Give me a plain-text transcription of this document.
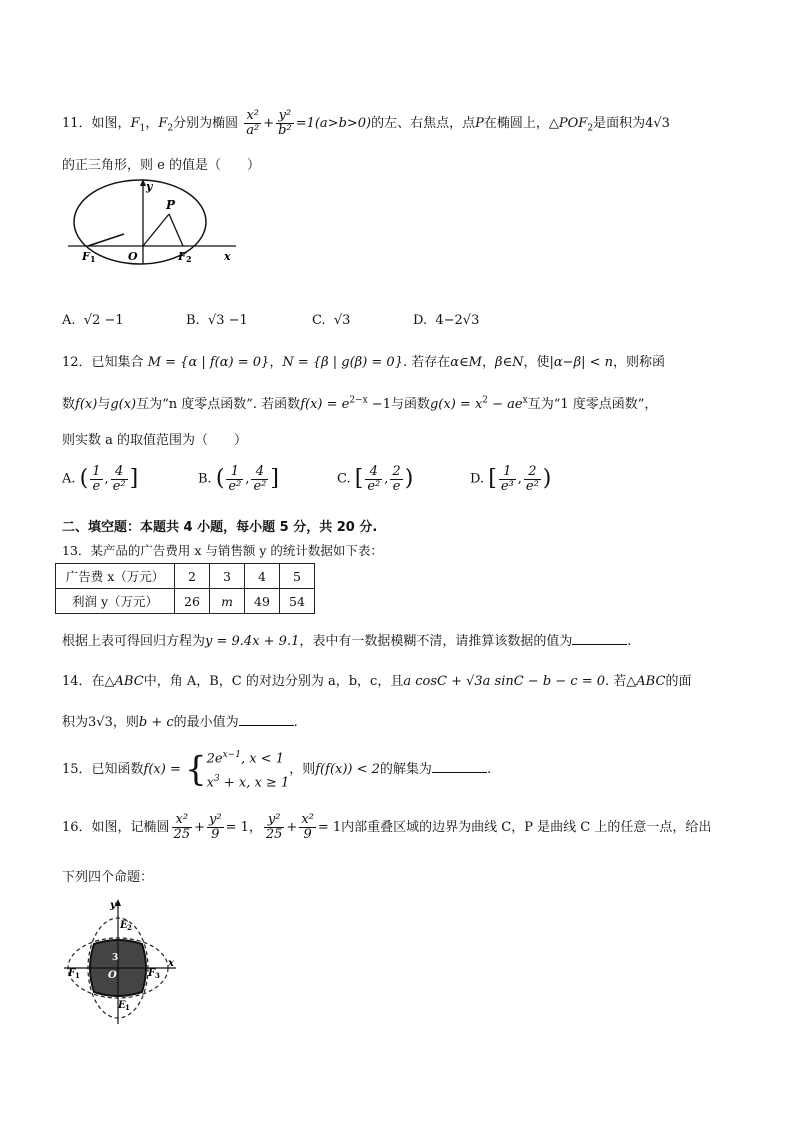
11．如图，$F_1$，$F_2$分别为椭圆 $\frac{\text{x²}}{\text{a²}} + \frac{\text{y²}}{\text{b²}} =1(a>b>0)$的左、右焦点，点P在椭圆上，$\triangle POF_2$是面积为4√3
的正三角形，则 e 的值是（　　）
y
P
O
F 1	F 2	x
A. √2 −1	B. √3 −1	C. √3	D. 4−2√3
12．已知集合 M = {α | f(α) = 0}，N = {β | g(β) = 0}. 若存在α∈M，β∈N，使|α−β| < n，则称函
数f(x)与g(x)互为“n 度零点函数”. 若函数$f(x) = e^{2-x} -1$与函数$g(x) = x^2 - ae^x$互为“1 度零点函数”，
则实数 a 的取值范围为（　　）
A. ( $\frac{1}{e}$ , $\frac{4}{\text{e²}}$ ]	B. ( $\frac{1}{\text{e²}}$ , $\frac{4}{\text{e²}}$ ]	C. [ $\frac{4}{\text{e²}}$ , $\frac{2}{e}$ )	D. [ $\frac{1}{\text{e³}}$ , $\frac{2}{\text{e²}}$ )
二、填空题：本题共 4 小题，每小题 5 分，共 20 分.
13．某产品的广告费用 x 与销售额 y 的统计数据如下表：
广告费 x（万元）	2	3	4	5
利润 y（万元）	26	m	49	54
根据上表可得回归方程为y = 9.4x + 9.1，表中有一数据模糊不清，请推算该数据的值为	.
14．在△ABC中，角 A，B，C 的对边分别为 a，b，c，且a cosC + √3a sinC − b − c = 0. 若△ABC的面
积为3√3，则b + c的最小值为	.
15．已知函数f(x) = { $2e^{x-1}$, x < 1
$x^3 + x$, x ≥ 1
，则f(f(x)) < 2的解集为	.
16．如图，记椭圆 $\frac{\text{x²}}{25} + \frac{\text{y²}}{9} = 1$， $\frac{\text{y²}}{25} + \frac{\text{x²}}{9} = 1$内部重叠区域的边界为曲线 C，P 是曲线 C 上的任意一点，给出
下列四个命题：
y
E 2
F 1	O
3
F 3
x
E 1
